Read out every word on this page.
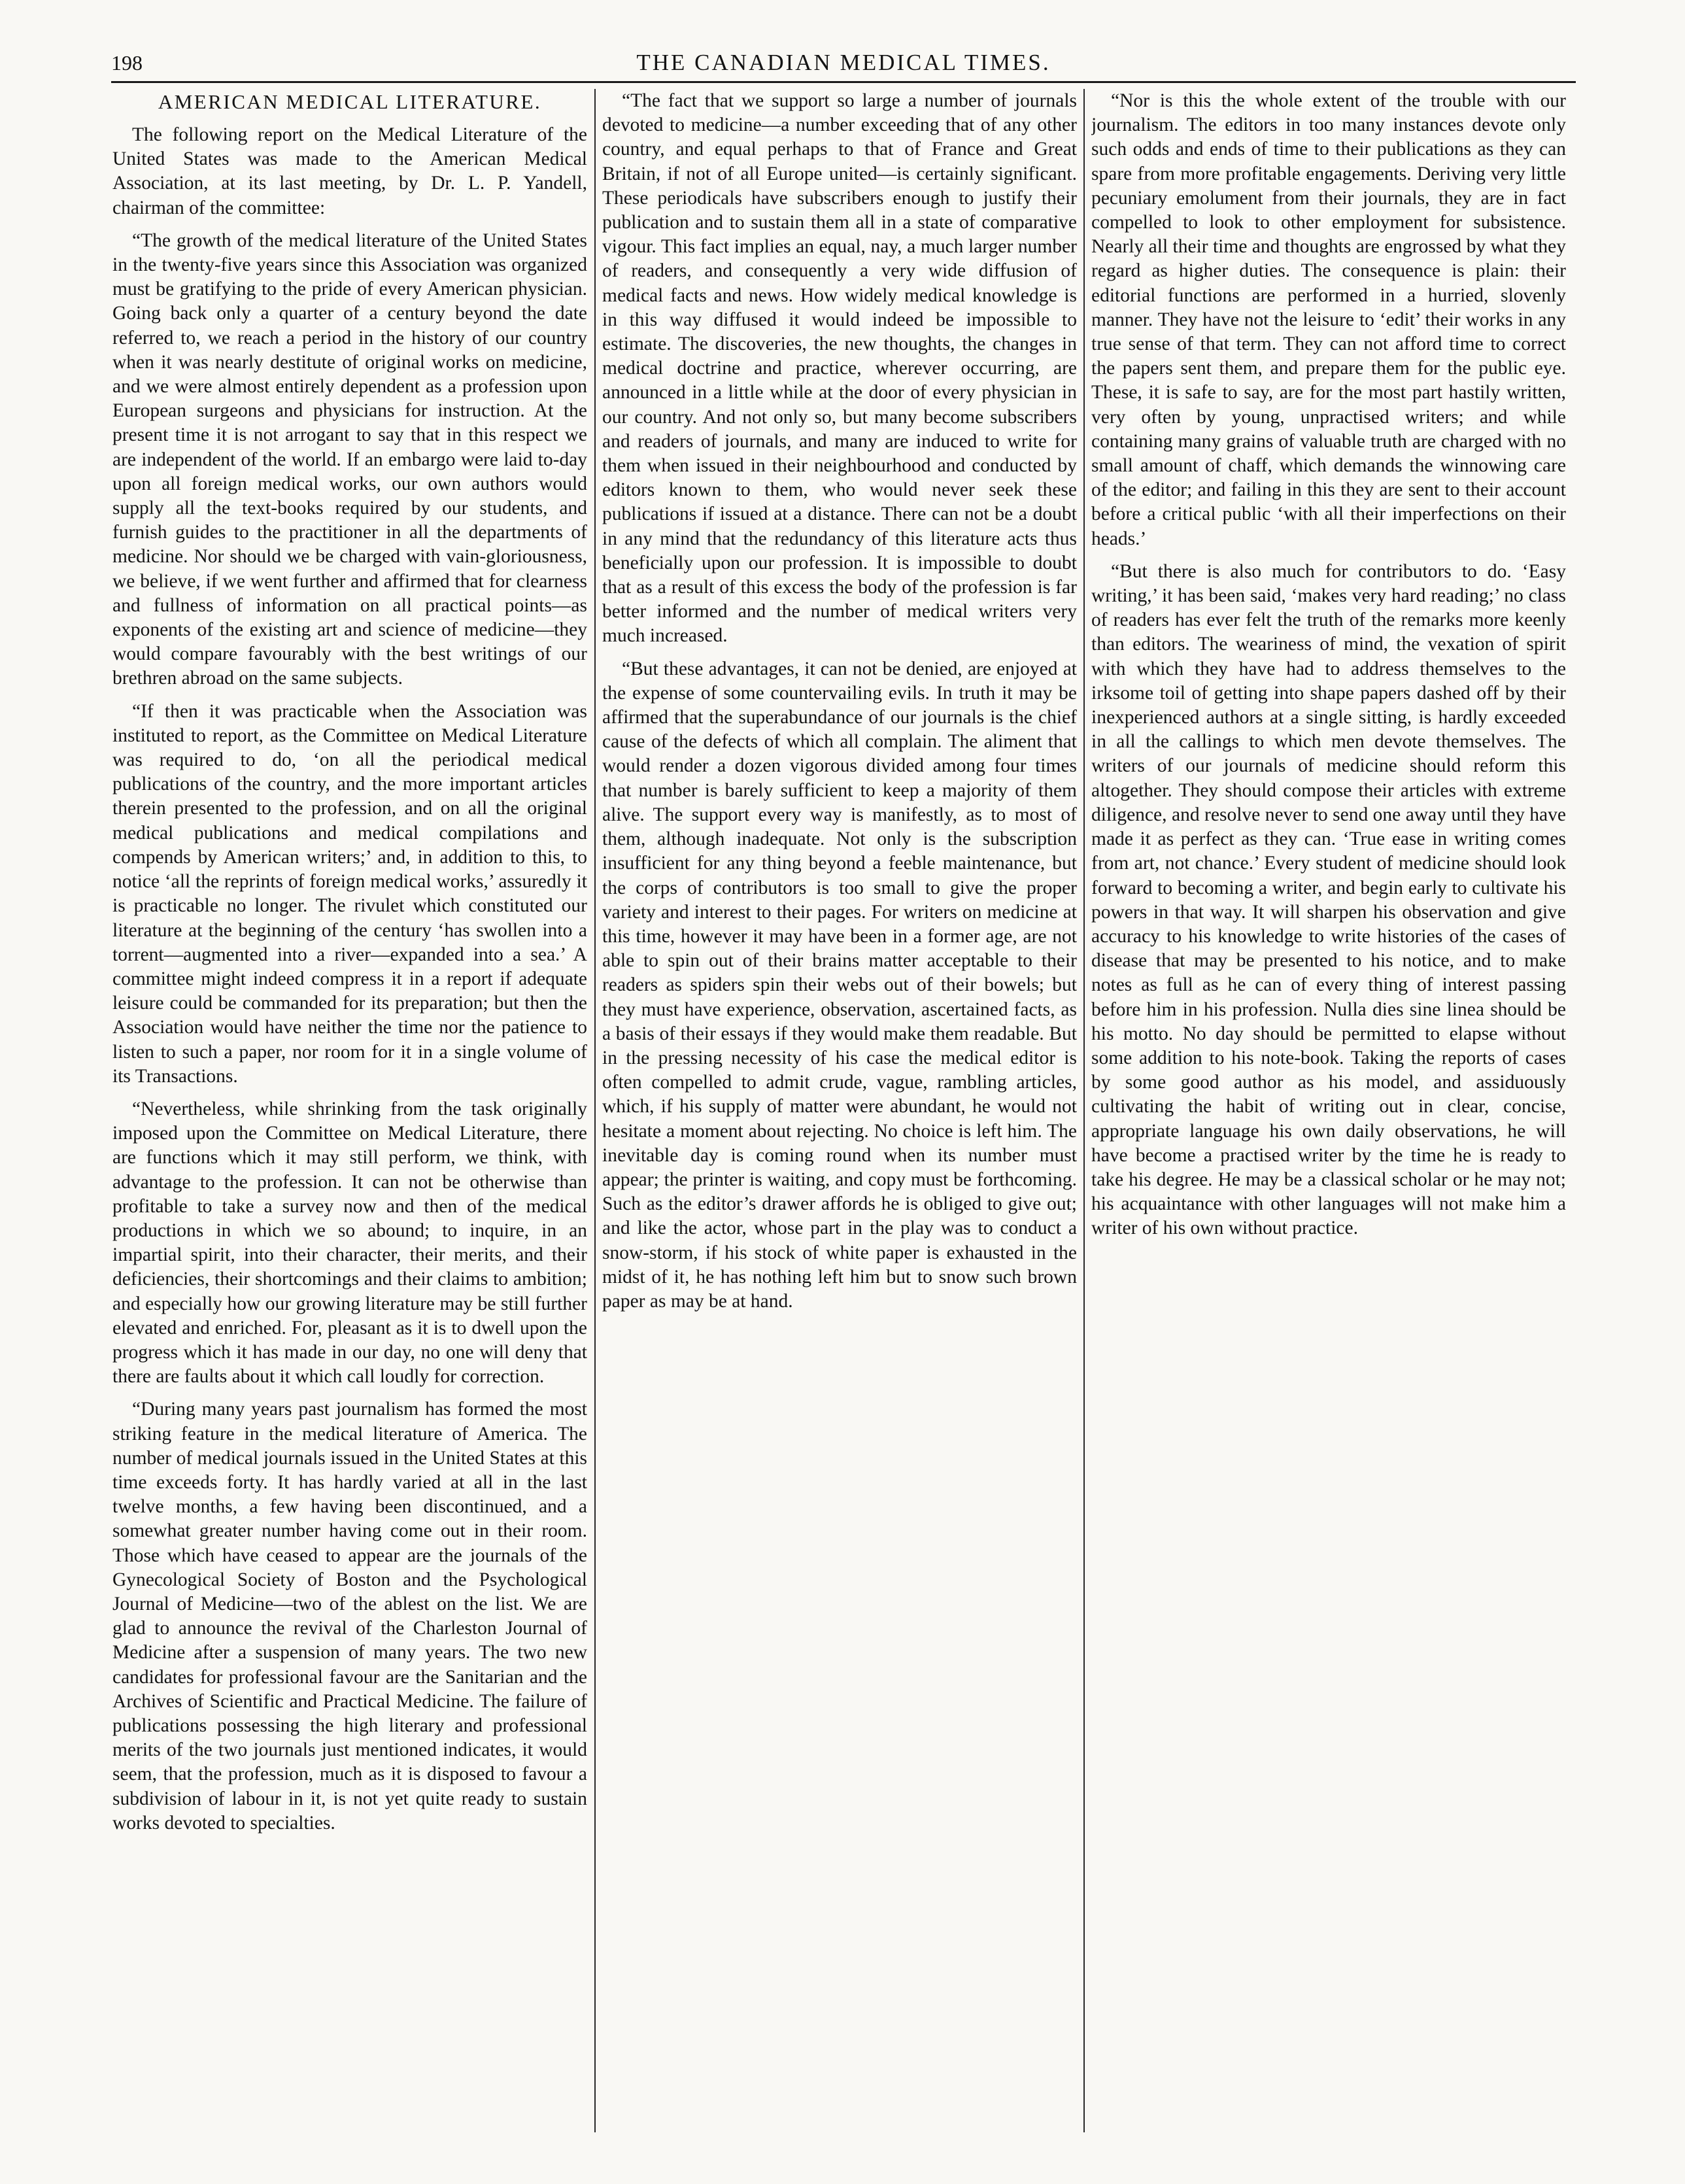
198	THE CANADIAN MEDICAL TIMES.
AMERICAN MEDICAL LITERATURE.

The following report on the Medical Literature of the United States was made to the American Medical Association, at its last meeting, by Dr. L. P. Yandell, chairman of the committee:

“The growth of the medical literature of the United States in the twenty-five years since this Association was organized must be gratifying to the pride of every American physician. Going back only a quarter of a century beyond the date referred to, we reach a period in the history of our country when it was nearly destitute of original works on medicine, and we were almost entirely dependent as a profession upon European surgeons and physicians for instruction. At the present time it is not arrogant to say that in this respect we are independent of the world. If an embargo were laid to-day upon all foreign medical works, our own authors would supply all the text-books required by our students, and furnish guides to the practitioner in all the departments of medicine. Nor should we be charged with vain-gloriousness, we believe, if we went further and affirmed that for clearness and fullness of information on all practical points—as exponents of the existing art and science of medicine—they would compare favourably with the best writings of our brethren abroad on the same subjects.

“If then it was practicable when the Association was instituted to report, as the Committee on Medical Literature was required to do, ‘on all the periodical medical publications of the country, and the more important articles therein presented to the profession, and on all the original medical publications and medical compilations and compends by American writers;’ and, in addition to this, to notice ‘all the reprints of foreign medical works,’ assuredly it is practicable no longer. The rivulet which constituted our literature at the beginning of the century ‘has swollen into a torrent—augmented into a river—expanded into a sea.’ A committee might indeed compress it in a report if adequate leisure could be commanded for its preparation; but then the Association would have neither the time nor the patience to listen to such a paper, nor room for it in a single volume of its Transactions.

“Nevertheless, while shrinking from the task originally imposed upon the Committee on Medical Literature, there are functions which it may still perform, we think, with advantage to the profession. It can not be otherwise than profitable to take a survey now and then of the medical productions in which we so abound; to inquire, in an impartial spirit, into their character, their merits, and their deficiencies, their shortcomings and their claims to ambition; and especially how our growing literature may be still further elevated and enriched. For, pleasant as it is to dwell upon the progress which it has made in our day, no one will deny that there are faults about it which call loudly for correction.

“During many years past journalism has formed the most striking feature in the medical literature of America. The number of medical journals issued in the United States at this time exceeds forty. It has hardly varied at all in the last twelve months, a few having been discontinued, and a somewhat greater number having come out in their room. Those which have ceased to appear are the journals of the Gynecological Society of Boston and the Psychological Journal of Medicine—two of the ablest on the list. We are glad to announce the revival of the Charleston Journal of Medicine after a suspension of many years. The two new candidates for professional favour are the Sanitarian and the Archives of Scientific and Practical Medicine. The failure of publications possessing the high literary and professional merits of the two journals just mentioned indicates, it would seem, that the profession, much as it is disposed to favour a subdivision of labour in it, is not yet quite ready to sustain works devoted to specialties.

“The fact that we support so large a number of journals devoted to medicine—a number exceeding that of any other country, and equal perhaps to that of France and Great Britain, if not of all Europe united—is certainly significant. These periodicals have subscribers enough to justify their publication and to sustain them all in a state of comparative vigour. This fact implies an equal, nay, a much larger number of readers, and consequently a very wide diffusion of medical facts and news. How widely medical knowledge is in this way diffused it would indeed be impossible to estimate. The discoveries, the new thoughts, the changes in medical doctrine and practice, wherever occurring, are announced in a little while at the door of every physician in our country. And not only so, but many become subscribers and readers of journals, and many are induced to write for them when issued in their neighbourhood and conducted by editors known to them, who would never seek these publications if issued at a distance. There can not be a doubt in any mind that the redundancy of this literature acts thus beneficially upon our profession. It is impossible to doubt that as a result of this excess the body of the profession is far better informed and the number of medical writers very much increased.

“But these advantages, it can not be denied, are enjoyed at the expense of some countervailing evils. In truth it may be affirmed that the superabundance of our journals is the chief cause of the defects of which all complain. The aliment that would render a dozen vigorous divided among four times that number is barely sufficient to keep a majority of them alive. The support every way is manifestly, as to most of them, although inadequate. Not only is the subscription insufficient for any thing beyond a feeble maintenance, but the corps of contributors is too small to give the proper variety and interest to their pages. For writers on medicine at this time, however it may have been in a former age, are not able to spin out of their brains matter acceptable to their readers as spiders spin their webs out of their bowels; but they must have experience, observation, ascertained facts, as a basis of their essays if they would make them readable. But in the pressing necessity of his case the medical editor is often compelled to admit crude, vague, rambling articles, which, if his supply of matter were abundant, he would not hesitate a moment about rejecting. No choice is left him. The inevitable day is coming round when its number must appear; the printer is waiting, and copy must be forthcoming. Such as the editor’s drawer affords he is obliged to give out; and like the actor, whose part in the play was to conduct a snow-storm, if his stock of white paper is exhausted in the midst of it, he has nothing left him but to snow such brown paper as may be at hand.

“Nor is this the whole extent of the trouble with our journalism. The editors in too many instances devote only such odds and ends of time to their publications as they can spare from more profitable engagements. Deriving very little pecuniary emolument from their journals, they are in fact compelled to look to other employment for subsistence. Nearly all their time and thoughts are engrossed by what they regard as higher duties. The consequence is plain: their editorial functions are performed in a hurried, slovenly manner. They have not the leisure to ‘edit’ their works in any true sense of that term. They can not afford time to correct the papers sent them, and prepare them for the public eye. These, it is safe to say, are for the most part hastily written, very often by young, unpractised writers; and while containing many grains of valuable truth are charged with no small amount of chaff, which demands the winnowing care of the editor; and failing in this they are sent to their account before a critical public ‘with all their imperfections on their heads.’

“But there is also much for contributors to do. ‘Easy writing,’ it has been said, ‘makes very hard reading;’ no class of readers has ever felt the truth of the remarks more keenly than editors. The weariness of mind, the vexation of spirit with which they have had to address themselves to the irksome toil of getting into shape papers dashed off by their inexperienced authors at a single sitting, is hardly exceeded in all the callings to which men devote themselves. The writers of our journals of medicine should reform this altogether. They should compose their articles with extreme diligence, and resolve never to send one away until they have made it as perfect as they can. ‘True ease in writing comes from art, not chance.’ Every student of medicine should look forward to becoming a writer, and begin early to cultivate his powers in that way. It will sharpen his observation and give accuracy to his knowledge to write histories of the cases of disease that may be presented to his notice, and to make notes as full as he can of every thing of interest passing before him in his profession. Nulla dies sine linea should be his motto. No day should be permitted to elapse without some addition to his note-book. Taking the reports of cases by some good author as his model, and assiduously cultivating the habit of writing out in clear, concise, appropriate language his own daily observations, he will have become a practised writer by the time he is ready to take his degree. He may be a classical scholar or he may not; his acquaintance with other languages will not make him a writer of his own without practice.
